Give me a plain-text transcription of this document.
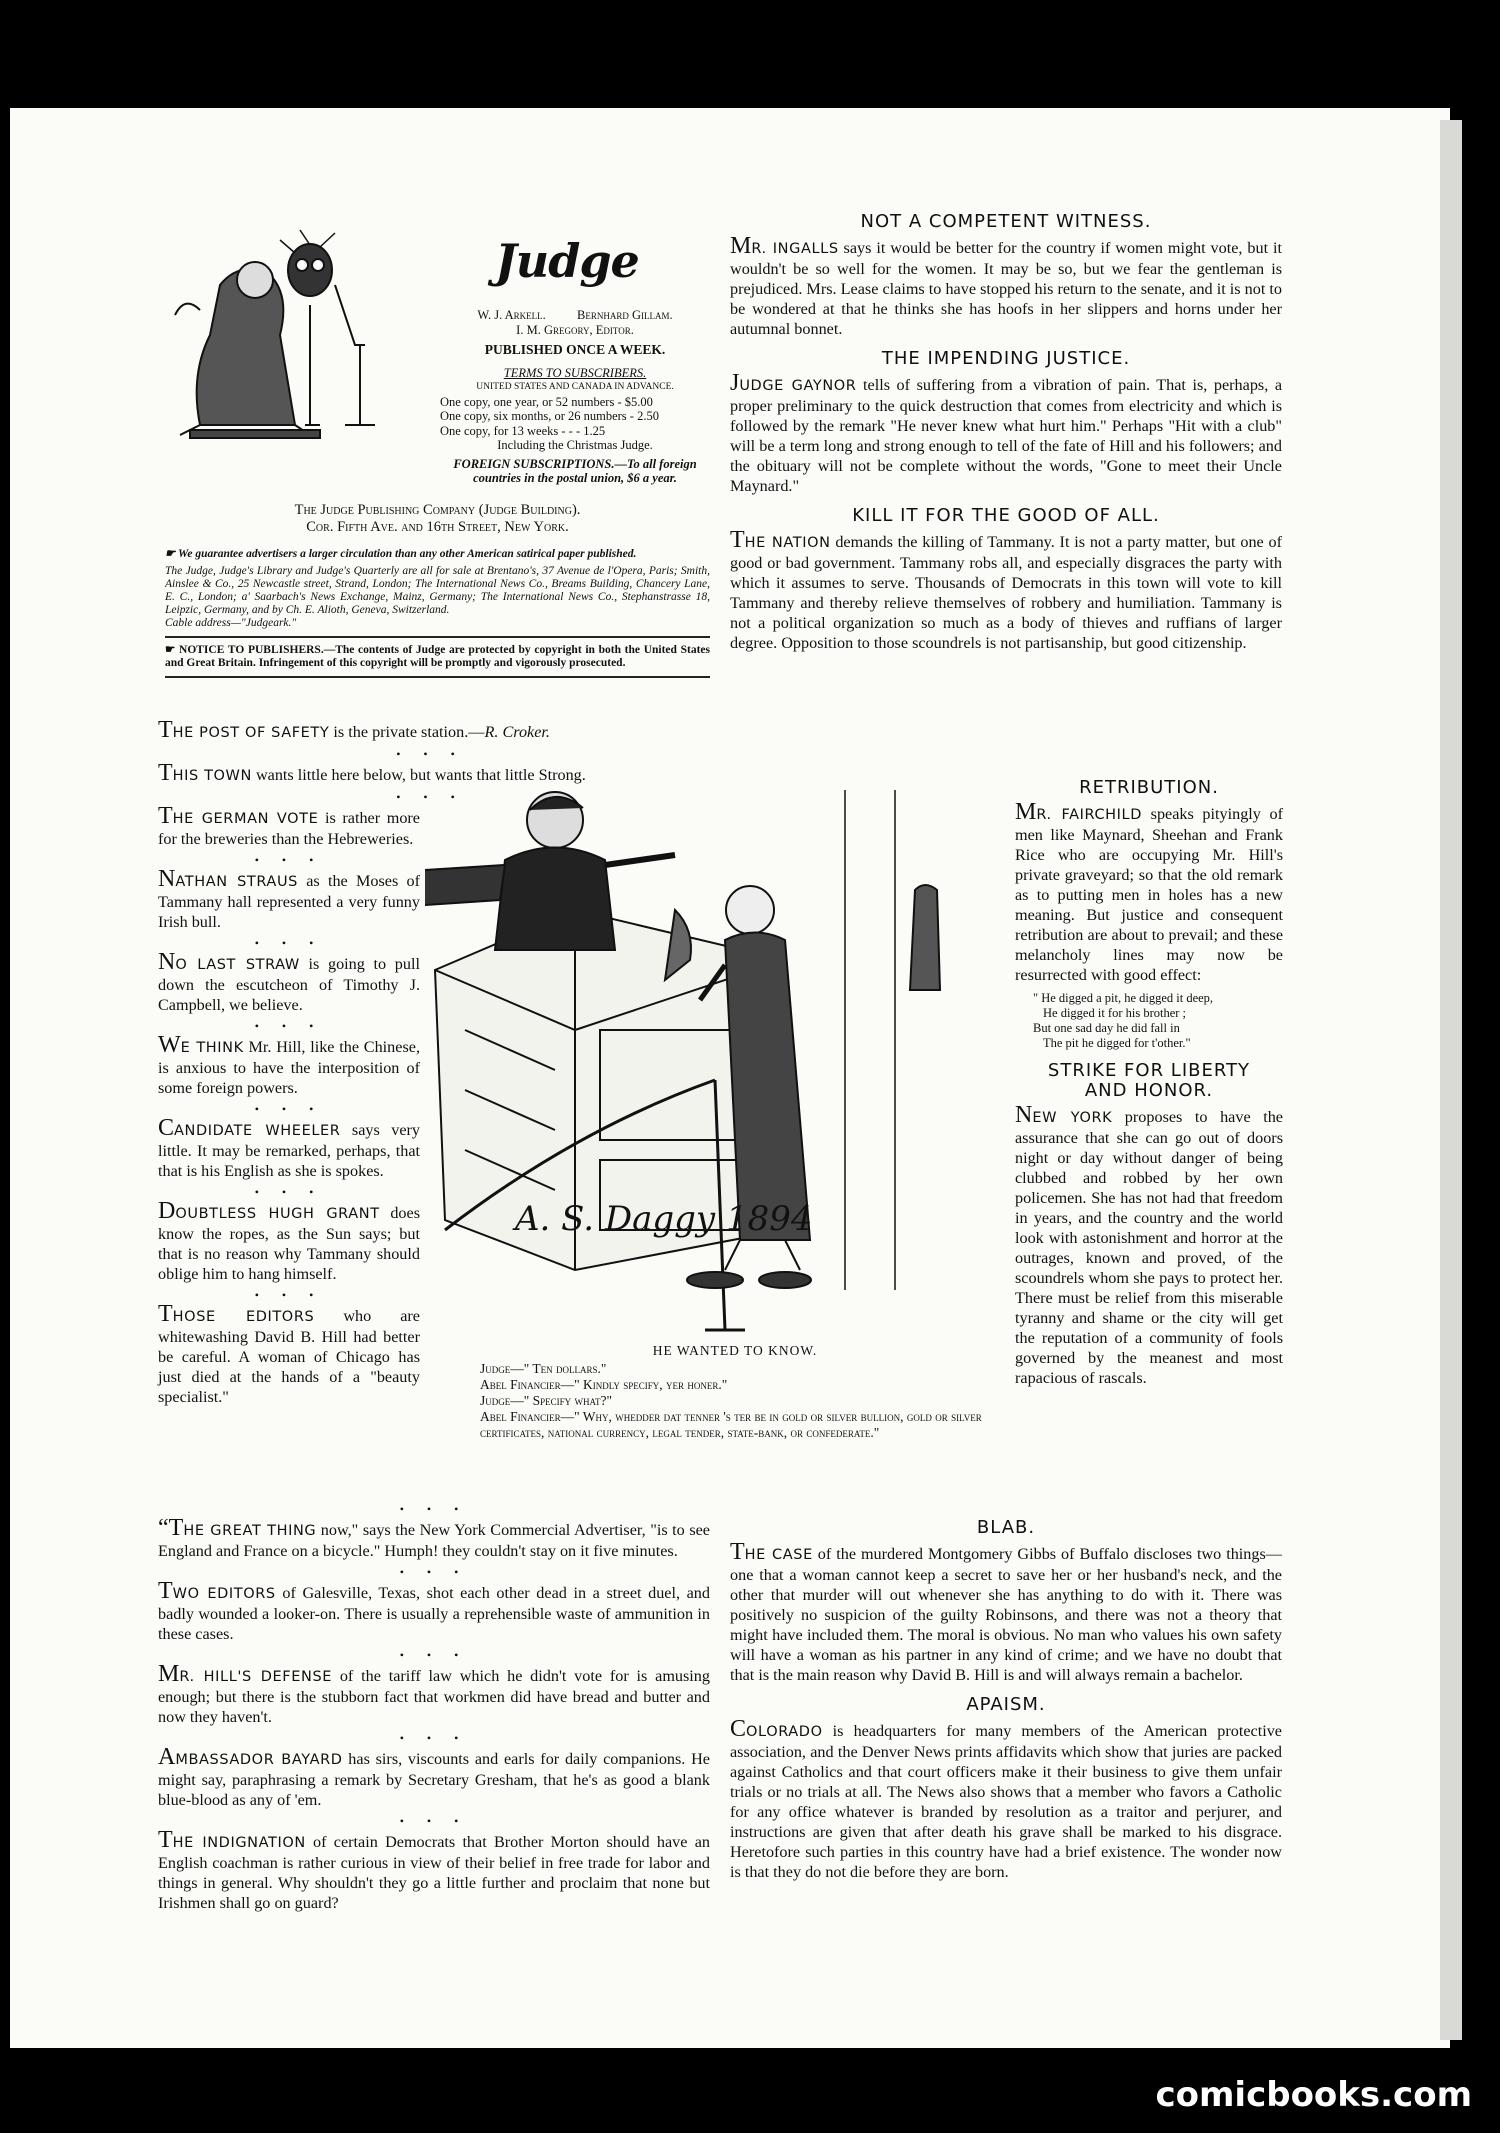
Judge
W. J. Arkell.          Bernhard Gillam.
I. M. Gregory, Editor.
PUBLISHED ONCE A WEEK.
TERMS TO SUBSCRIBERS.
UNITED STATES AND CANADA IN ADVANCE.
One copy, one year, or 52 numbers - $5.00
One copy, six months, or 26 numbers - 2.50
One copy, for 13 weeks - - - 1.25
Including the Christmas Judge.
FOREIGN SUBSCRIPTIONS.—To all foreign countries in the postal union, $6 a year.
The Judge Publishing Company (Judge Building).
Cor. Fifth Ave. and 16th Street, New York.
☛ We guarantee advertisers a larger circulation than any other American satirical paper published.
The Judge, Judge's Library and Judge's Quarterly are all for sale at Brentano's, 37 Avenue de l'Opera, Paris; Smith, Ainslee & Co., 25 Newcastle street, Strand, London; The International News Co., Breams Building, Chancery Lane, E. C., London; a' Saarbach's News Exchange, Mainz, Germany; The International News Co., Stephanstrasse 18, Leipzic, Germany, and by Ch. E. Alioth, Geneva, Switzerland.
Cable address—"Judgeark."
☛ NOTICE TO PUBLISHERS.—The contents of Judge are protected by copyright in both the United States and Great Britain. Infringement of this copyright will be promptly and vigorously prosecuted.

THE POST OF SAFETY is the private station.—R. Croker.

• • •

THIS TOWN wants little here below, but wants that little Strong.

• • •

THE GERMAN VOTE is rather more for the breweries than the Hebreweries.

• • •

NATHAN STRAUS as the Moses of Tammany hall represented a very funny Irish bull.

• • •

NO LAST STRAW is going to pull down the escutcheon of Timothy J. Campbell, we believe.

• • •

WE THINK Mr. Hill, like the Chinese, is anxious to have the interposition of some foreign powers.

• • •

CANDIDATE WHEELER says very little. It may be remarked, perhaps, that that is his English as she is spokes.

• • •

DOUBTLESS HUGH GRANT does know the ropes, as the Sun says; but that is no reason why Tammany should oblige him to hang himself.

• • •

THOSE EDITORS who are whitewashing David B. Hill had better be careful. A woman of Chicago has just died at the hands of a "beauty specialist."

• • •

“THE GREAT THING now," says the New York Commercial Advertiser, "is to see England and France on a bicycle." Humph! they couldn't stay on it five minutes.

• • •

TWO EDITORS of Galesville, Texas, shot each other dead in a street duel, and badly wounded a looker-on. There is usually a reprehensible waste of ammunition in these cases.

• • •

MR. HILL'S DEFENSE of the tariff law which he didn't vote for is amusing enough; but there is the stubborn fact that workmen did have bread and butter and now they haven't.

• • •

AMBASSADOR BAYARD has sirs, viscounts and earls for daily companions. He might say, paraphrasing a remark by Secretary Gresham, that he's as good a blank blue-blood as any of 'em.

• • •

THE INDIGNATION of certain Democrats that Brother Morton should have an English coachman is rather curious in view of their belief in free trade for labor and things in general. Why shouldn't they go a little further and proclaim that none but Irishmen shall go on guard?

NOT A COMPETENT WITNESS.

MR. INGALLS says it would be better for the country if women might vote, but it wouldn't be so well for the women. It may be so, but we fear the gentleman is prejudiced. Mrs. Lease claims to have stopped his return to the senate, and it is not to be wondered at that he thinks she has hoofs in her slippers and horns under her autumnal bonnet.

THE IMPENDING JUSTICE.

JUDGE GAYNOR tells of suffering from a vibration of pain. That is, perhaps, a proper preliminary to the quick destruction that comes from electricity and which is followed by the remark "He never knew what hurt him." Perhaps "Hit with a club" will be a term long and strong enough to tell of the fate of Hill and his followers; and the obituary will not be complete without the words, "Gone to meet their Uncle Maynard."

KILL IT FOR THE GOOD OF ALL.

THE NATION demands the killing of Tammany. It is not a party matter, but one of good or bad government. Tammany robs all, and especially disgraces the party with which it assumes to serve. Thousands of Democrats in this town will vote to kill Tammany and thereby relieve themselves of robbery and humiliation. Tammany is not a political organization so much as a body of thieves and ruffians of larger degree. Opposition to those scoundrels is not partisanship, but good citizenship.

A. S. Daggy 1894
HE WANTED TO KNOW.
Judge—" Ten dollars."
Abel Financier—" Kindly specify, yer honer."
Judge—" Specify what?"
Abel Financier—" Why, whedder dat tenner 's ter be in gold or silver bullion, gold or silver certificates, national currency, legal tender, state-bank, or confederate."
RETRIBUTION.

MR. FAIRCHILD speaks pityingly of men like Maynard, Sheehan and Frank Rice who are occupying Mr. Hill's private graveyard; so that the old remark as to putting men in holes has a new meaning. But justice and consequent retribution are about to prevail; and these melancholy lines may now be resurrected with good effect:

" He digged a pit, he digged it deep,
He digged it for his brother ;
But one sad day he did fall in
The pit he digged for t'other."
STRIKE FOR LIBERTY
AND HONOR.

NEW YORK proposes to have the assurance that she can go out of doors night or day without danger of being clubbed and robbed by her own policemen. She has not had that freedom in years, and the country and the world look with astonishment and horror at the outrages, known and proved, of the scoundrels whom she pays to protect her. There must be relief from this miserable tyranny and shame or the city will get the reputation of a community of fools governed by the meanest and most rapacious of rascals.

BLAB.

THE CASE of the murdered Montgomery Gibbs of Buffalo discloses two things—one that a woman cannot keep a secret to save her or her husband's neck, and the other that murder will out whenever she has anything to do with it. There was positively no suspicion of the guilty Robinsons, and there was not a theory that might have included them. The moral is obvious. No man who values his own safety will have a woman as his partner in any kind of crime; and we have no doubt that that is the main reason why David B. Hill is and will always remain a bachelor.

APAISM.

COLORADO is headquarters for many members of the American protective association, and the Denver News prints affidavits which show that juries are packed against Catholics and that court officers make it their business to give them unfair trials or no trials at all. The News also shows that a member who favors a Catholic for any office whatever is branded by resolution as a traitor and perjurer, and instructions are given that after death his grave shall be marked to his disgrace. Heretofore such parties in this country have had a brief existence. The wonder now is that they do not die before they are born.

comicbooks.com
